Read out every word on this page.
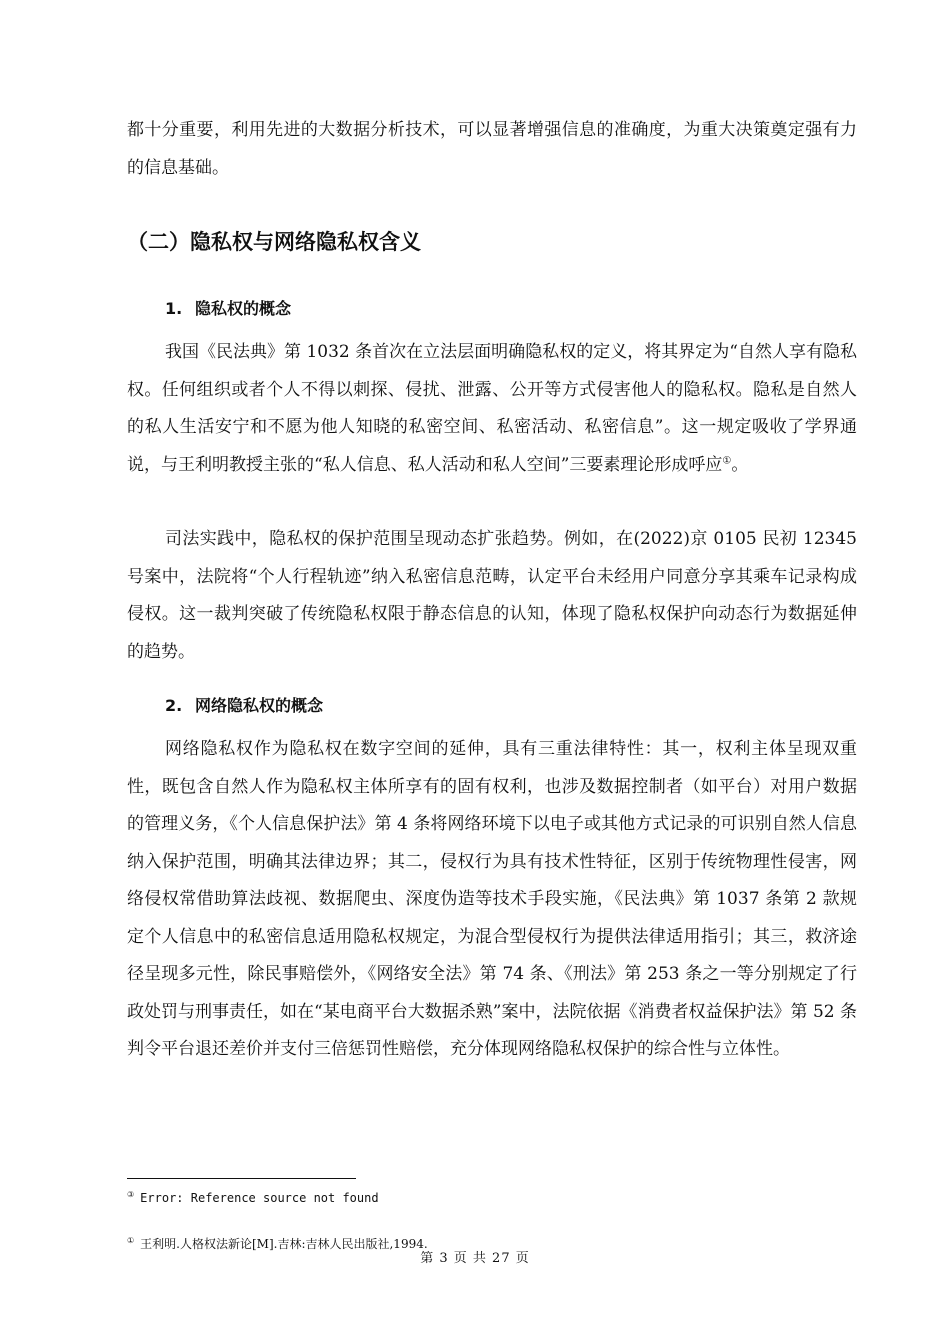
都十分重要，利用先进的大数据分析技术，可以显著增强信息的准确度，为重大决策奠定强有力的信息基础。

（二）隐私权与网络隐私权含义
1. 隐私权的概念

我国《民法典》第 1032 条首次在立法层面明确隐私权的定义，将其界定为“自然人享有隐私权。任何组织或者个人不得以刺探、侵扰、泄露、公开等方式侵害他人的隐私权。隐私是自然人的私人生活安宁和不愿为他人知晓的私密空间、私密活动、私密信息”。这一规定吸收了学界通说，与王利明教授主张的“私人信息、私人活动和私人空间”三要素理论形成呼应①。

司法实践中，隐私权的保护范围呈现动态扩张趋势。例如，在(2022)京 0105 民初 12345 号案中，法院将“个人行程轨迹”纳入私密信息范畴，认定平台未经用户同意分享其乘车记录构成侵权。这一裁判突破了传统隐私权限于静态信息的认知，体现了隐私权保护向动态行为数据延伸的趋势。

2. 网络隐私权的概念

网络隐私权作为隐私权在数字空间的延伸，具有三重法律特性：其一，权利主体呈现双重性，既包含自然人作为隐私权主体所享有的固有权利，也涉及数据控制者（如平台）对用户数据的管理义务，《个人信息保护法》第 4 条将网络环境下以电子或其他方式记录的可识别自然人信息纳入保护范围，明确其法律边界；其二，侵权行为具有技术性特征，区别于传统物理性侵害，网络侵权常借助算法歧视、数据爬虫、深度伪造等技术手段实施，《民法典》第 1037 条第 2 款规定个人信息中的私密信息适用隐私权规定，为混合型侵权行为提供法律适用指引；其三，救济途径呈现多元性，除民事赔偿外，《网络安全法》第 74 条、《刑法》第 253 条之一等分别规定了行政处罚与刑事责任，如在“某电商平台大数据杀熟”案中，法院依据《消费者权益保护法》第 52 条判令平台退还差价并支付三倍惩罚性赔偿，充分体现网络隐私权保护的综合性与立体性。

③ Error: Reference source not found

① 王利明.人格权法新论[M].吉林:吉林人民出版社,1994.

第 3 页 共 27 页
